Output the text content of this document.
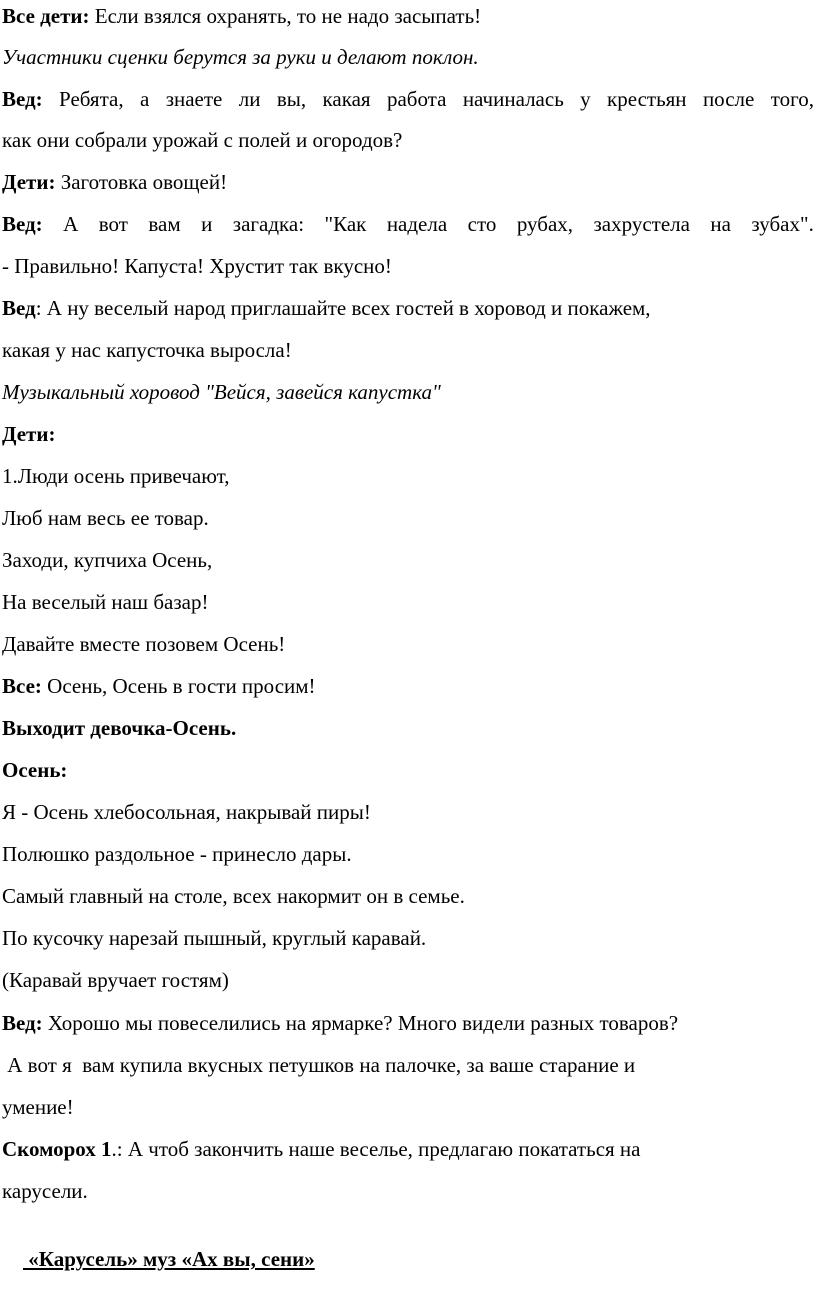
Все дети: Если взялся охранять, то не надо засыпать!
Участники сценки берутся за руки и делают поклон.
Вед: Ребята, а знаете ли вы, какая работа начиналась у крестьян после того,
как они собрали урожай с полей и огородов?
Дети: Заготовка овощей!
Вед: А вот вам и загадка: "Как надела сто рубах, захрустела на зубах".
- Правильно! Капуста! Хрустит так вкусно!
Вед: А ну веселый народ приглашайте всех гостей в хоровод и покажем,
какая у нас капусточка выросла!
Музыкальный хоровод "Вейся, завейся капустка"
Дети:
1.Люди осень привечают,
Люб нам весь ее товар.
Заходи, купчиха Осень,
На веселый наш базар!
Давайте вместе позовем Осень!
Все: Осень, Осень в гости просим!
Выходит девочка-Осень.
Осень:
Я - Осень хлебосольная, накрывай пиры!
Полюшко раздольное - принесло дары.
Самый главный на столе, всех накормит он в семье.
По кусочку нарезай пышный, круглый каравай.
(Каравай вручает гостям)
Вед: Хорошо мы повеселились на ярмарке? Много видели разных товаров?
А вот я  вам купила вкусных петушков на палочке, за ваше старание и
умение!
Скоморох 1.: А чтоб закончить наше веселье, предлагаю покататься на
карусели.

«Карусель» муз «Ах вы, сени»
